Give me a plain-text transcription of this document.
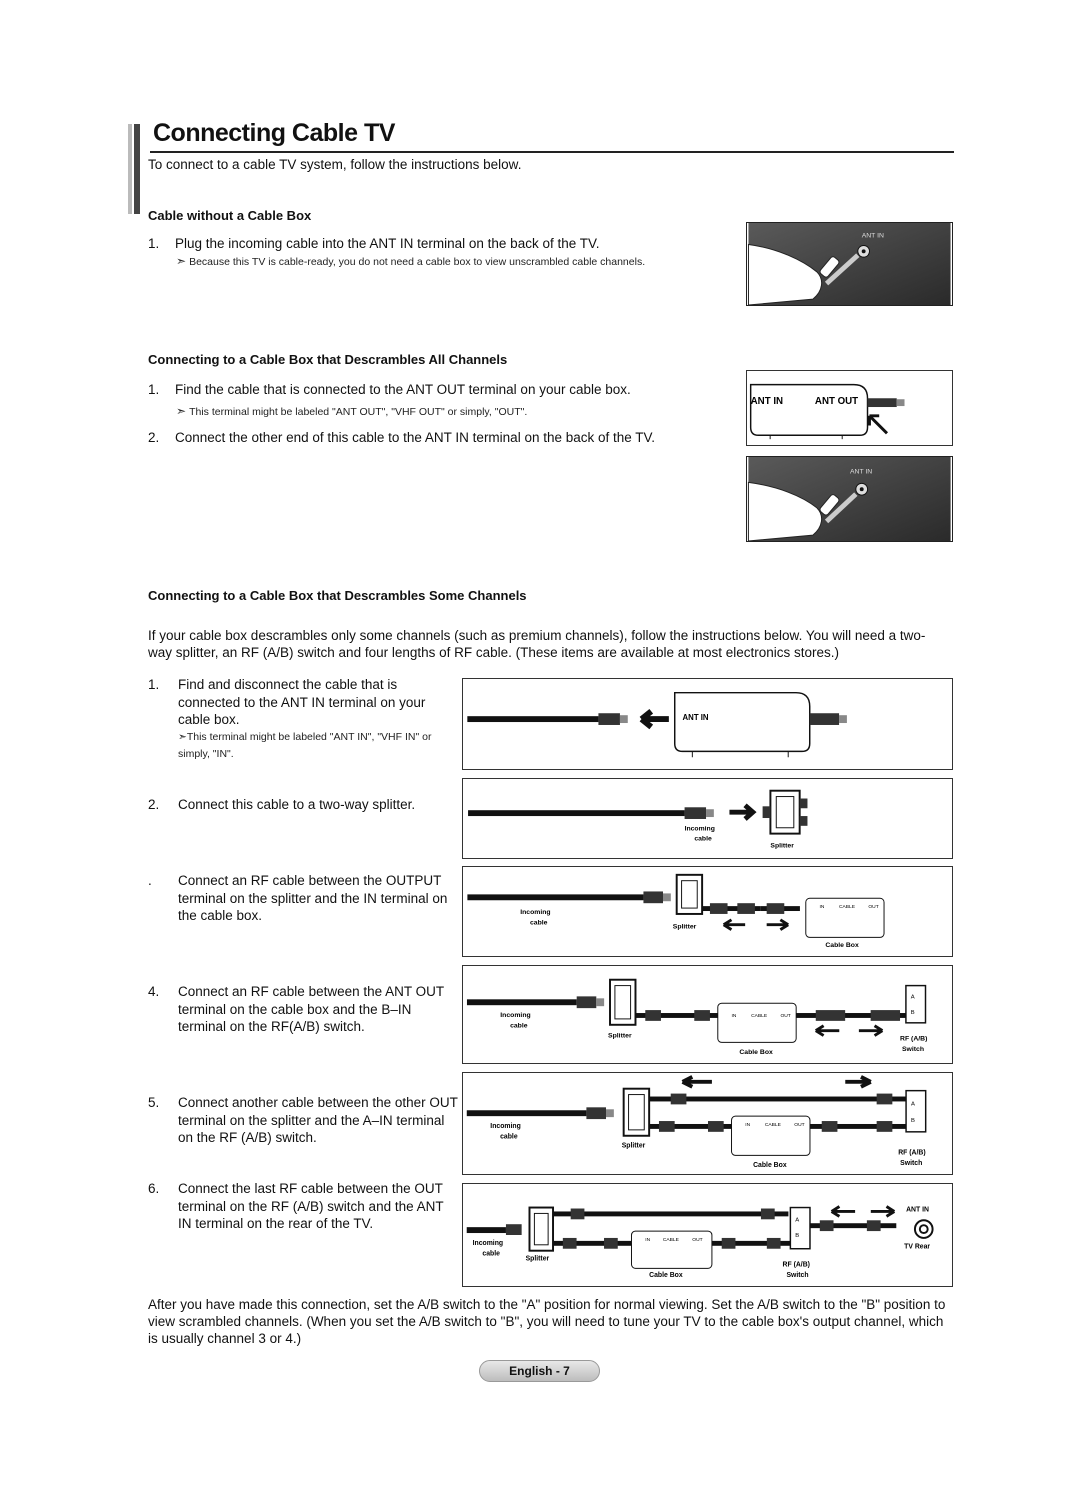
Connecting Cable TV

To connect to a cable TV system, follow the instructions below.

Cable without a Cable Box
1. Plug the incoming cable into the ANT IN terminal on the back of the TV.
➣ Because this TV is cable-ready, you do not need a cable box to view unscrambled cable channels.
ANT IN
Connecting to a Cable Box that Descrambles All Channels
1. Find the cable that is connected to the ANT OUT terminal on your cable box.
➣ This terminal might be labeled "ANT OUT", "VHF OUT" or simply, "OUT".
2. Connect the other end of this cable to the ANT IN terminal on the back of the TV.
ANT IN	ANT OUT
ANT IN
Connecting to a Cable Box that Descrambles Some Channels

If your cable box descrambles only some channels (such as premium channels), follow the instructions below. You will need a two-way splitter, an RF (A/B) switch and four lengths of RF cable. (These items are available at most electronics stores.)

1.	Find and disconnect the cable that is connected to the ANT IN terminal on your cable box.
➣This terminal might be labeled "ANT IN", "VHF IN" or simply, "IN".
2.	Connect this cable to a two-way splitter.
.	Connect an RF cable between the OUTPUT terminal on the splitter and the IN terminal on the cable box.
4.	Connect an RF cable between the ANT OUT terminal on the cable box and the B–IN terminal on the RF(A/B) switch.
5.	Connect another cable between the other OUT terminal on the splitter and the A–IN terminal on the RF (A/B) switch.
6.	Connect the last RF cable between the OUT terminal on the RF (A/B) switch and the ANT IN terminal on the rear of the TV.
ANT IN
Incoming
cable
Splitter
Incoming
cable
Splitter
IN	CABLE	OUT
Cable Box
Incoming
cable
Splitter
IN	CABLE	OUT
Cable Box
A
B
RF (A/B)
Switch
Incoming
cable
Splitter
IN	CABLE	OUT
Cable Box
A
B
RF (A/B)
Switch
Incoming
cable
Splitter
IN	CABLE	OUT
Cable Box
A
B
RF (A/B)
Switch
ANT IN
TV Rear

After you have made this connection, set the A/B switch to the "A" position for normal viewing. Set the A/B switch to the "B" position to view scrambled channels. (When you set the A/B switch to "B", you will need to tune your TV to the cable box's output channel, which is usually channel 3 or 4.)

English - 7
